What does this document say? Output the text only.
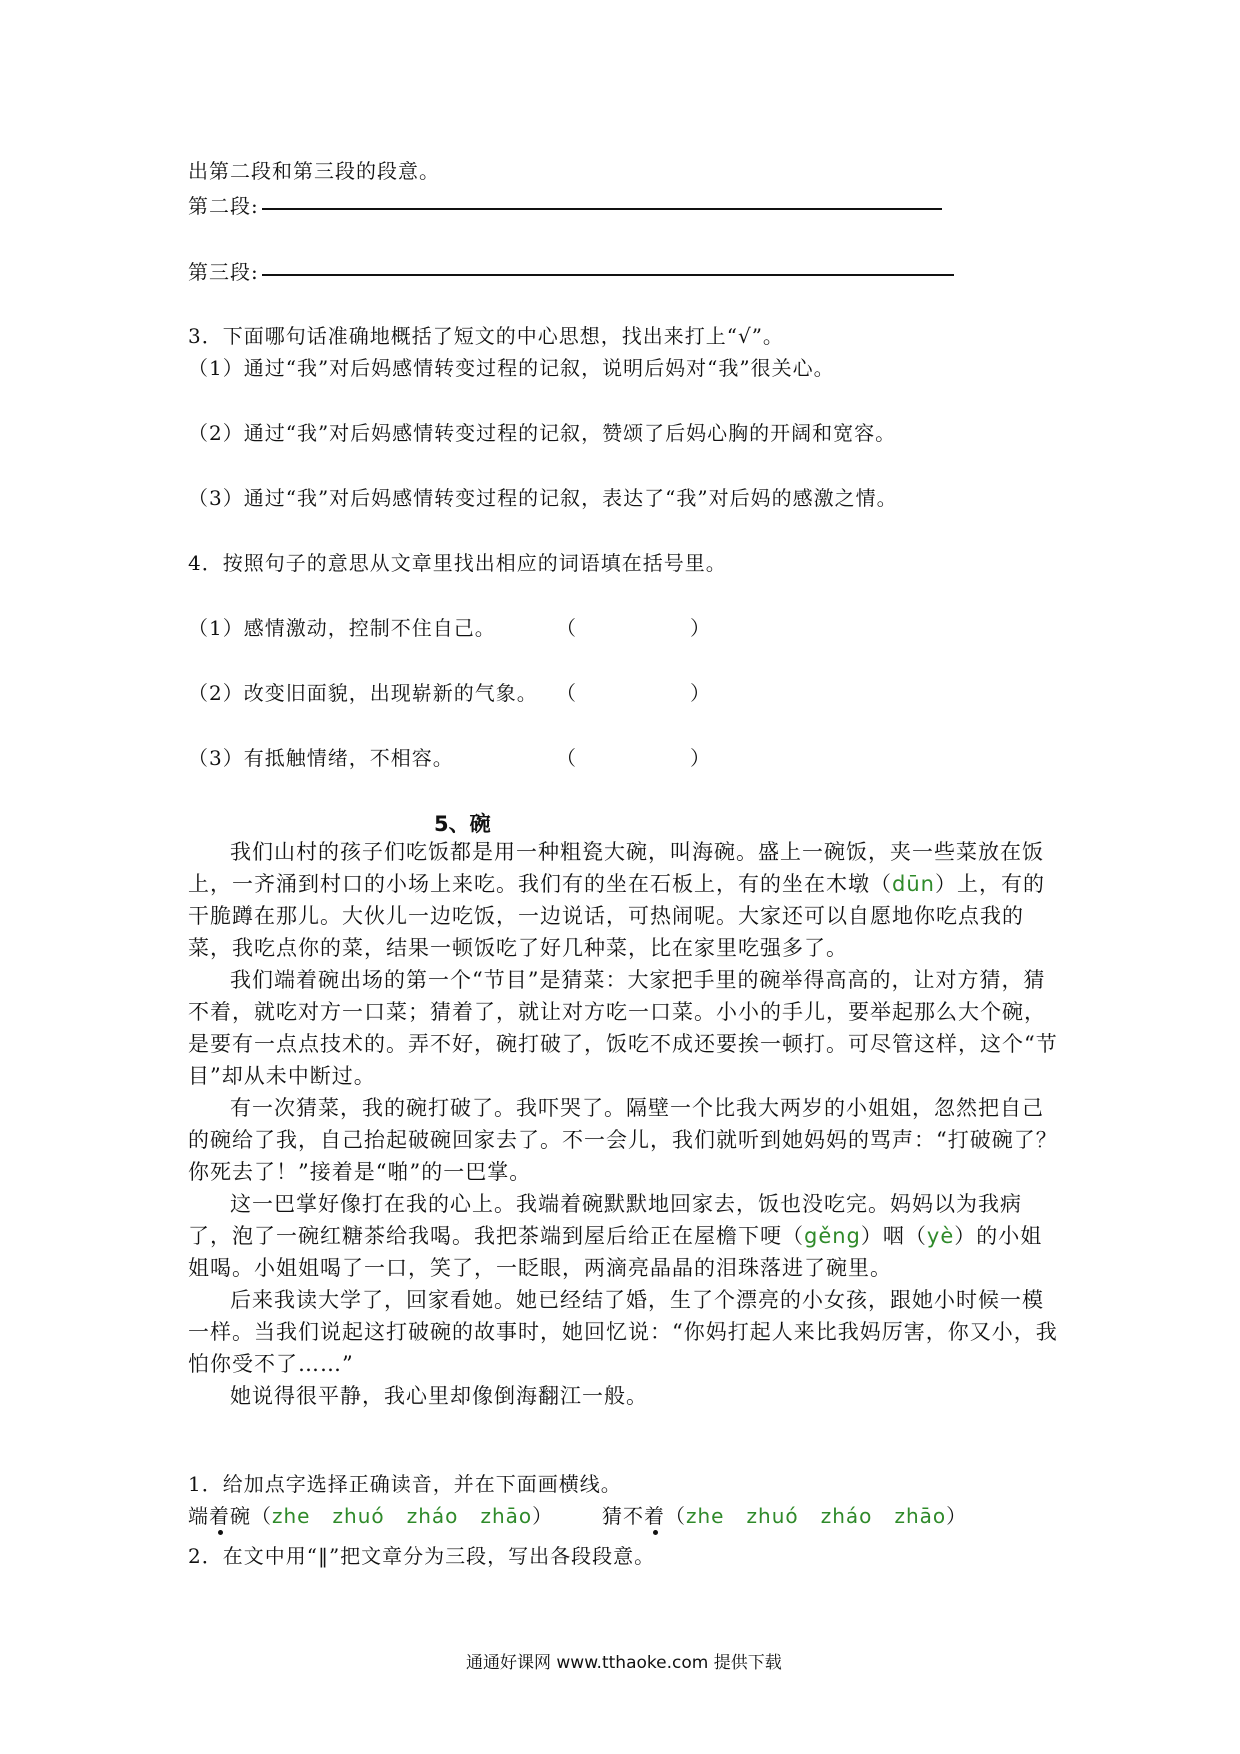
出第二段和第三段的段意。
第二段:
第三段:
3．下面哪句话准确地概括了短文的中心思想，找出来打上“√”。
（1）通过“我”对后妈感情转变过程的记叙，说明后妈对“我”很关心。
（2）通过“我”对后妈感情转变过程的记叙，赞颂了后妈心胸的开阔和宽容。
（3）通过“我”对后妈感情转变过程的记叙，表达了“我”对后妈的感激之情。
4．按照句子的意思从文章里找出相应的词语填在括号里。
（1）感情激动，控制不住自己。	（	）
（2）改变旧面貌，出现崭新的气象。 （	）
（3）有抵触情绪，不相容。	（	）
5、碗

我们山村的孩子们吃饭都是用一种粗瓷大碗，叫海碗。盛上一碗饭，夹一些菜放在饭上，一齐涌到村口的小场上来吃。我们有的坐在石板上，有的坐在木墩（dūn）上，有的干脆蹲在那儿。大伙儿一边吃饭，一边说话，可热闹呢。大家还可以自愿地你吃点我的菜，我吃点你的菜，结果一顿饭吃了好几种菜，比在家里吃强多了。

我们端着碗出场的第一个“节目”是猜菜：大家把手里的碗举得高高的，让对方猜，猜不着，就吃对方一口菜；猜着了，就让对方吃一口菜。小小的手儿，要举起那么大个碗，是要有一点点技术的。弄不好，碗打破了，饭吃不成还要挨一顿打。可尽管这样，这个“节目”却从未中断过。

有一次猜菜，我的碗打破了。我吓哭了。隔壁一个比我大两岁的小姐姐，忽然把自己的碗给了我，自己抬起破碗回家去了。不一会儿，我们就听到她妈妈的骂声：“打破碗了？你死去了！”接着是“啪”的一巴掌。

这一巴掌好像打在我的心上。我端着碗默默地回家去，饭也没吃完。妈妈以为我病了，泡了一碗红糖茶给我喝。我把茶端到屋后给正在屋檐下哽（gěng）咽（yè）的小姐姐喝。小姐姐喝了一口，笑了，一眨眼，两滴亮晶晶的泪珠落进了碗里。

后来我读大学了，回家看她。她已经结了婚，生了个漂亮的小女孩，跟她小时候一模一样。当我们说起这打破碗的故事时，她回忆说：“你妈打起人来比我妈厉害，你又小，我怕你受不了……”

她说得很平静，我心里却像倒海翻江一般。

1．给加点字选择正确读音，并在下面画横线。
端着碗（zhe   zhuó   zháo   zhāo） 猜不着（zhe   zhuó   zháo   zhāo）
2．在文中用“‖”把文章分为三段，写出各段段意。
通通好课网 www.tthaoke.com 提供下载
